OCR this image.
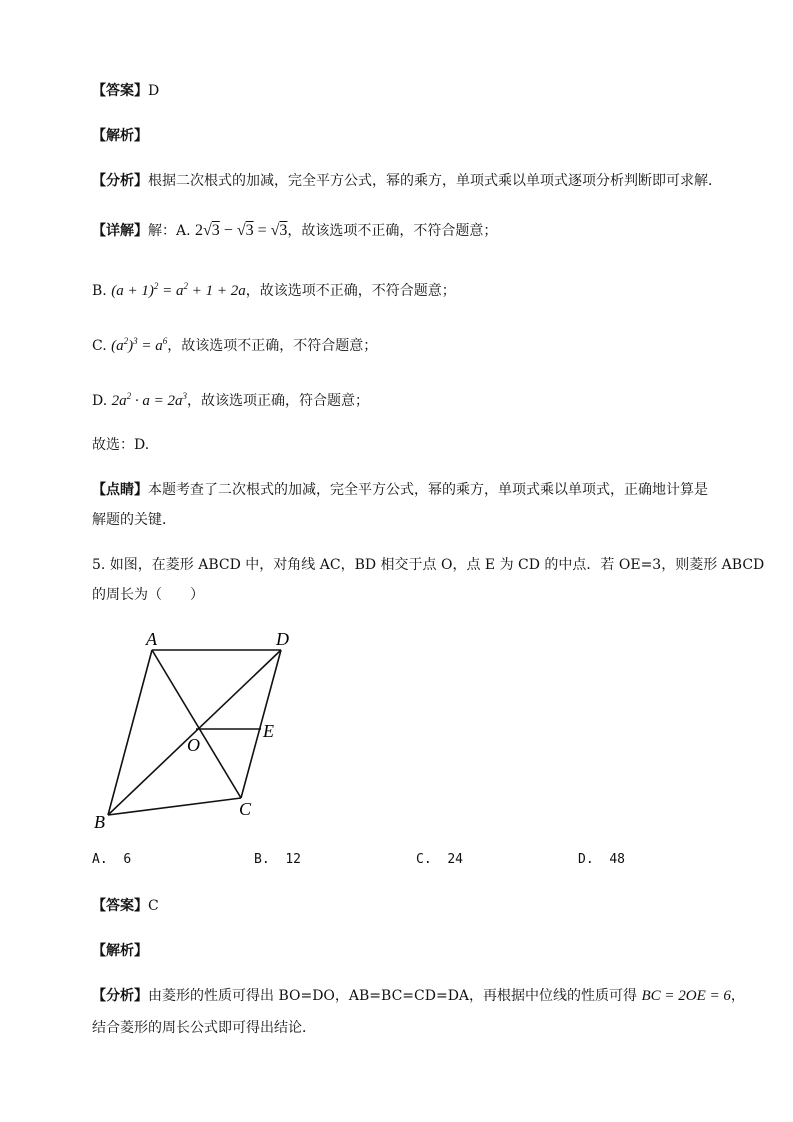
【答案】D
【解析】
【分析】根据二次根式的加减，完全平方公式，幂的乘方，单项式乘以单项式逐项分析判断即可求解．
【详解】解：A. 2√3 − √3 = √3，故该选项不正确，不符合题意；
B. $(a + 1)^2 = a^2 + 1 + 2a$，故该选项不正确，不符合题意；
C. $(a^2)^3 = a^6$，故该选项不正确，不符合题意；
D. $2a^2 \cdot a = 2a^3$，故该选项正确，符合题意；
故选：D.
【点睛】本题考查了二次根式的加减，完全平方公式，幂的乘方，单项式乘以单项式，正确地计算是
解题的关键．
5. 如图，在菱形 ABCD 中，对角线 AC，BD 相交于点 O，点 E 为 CD 的中点．若 OE=3，则菱形 ABCD
的周长为（　　）
A	D
E
O
C
B
A. 6	B. 12	C. 24	D. 48
【答案】C
【解析】
【分析】由菱形的性质可得出 BO=DO，AB=BC=CD=DA，再根据中位线的性质可得 BC = 2OE = 6，
结合菱形的周长公式即可得出结论．
